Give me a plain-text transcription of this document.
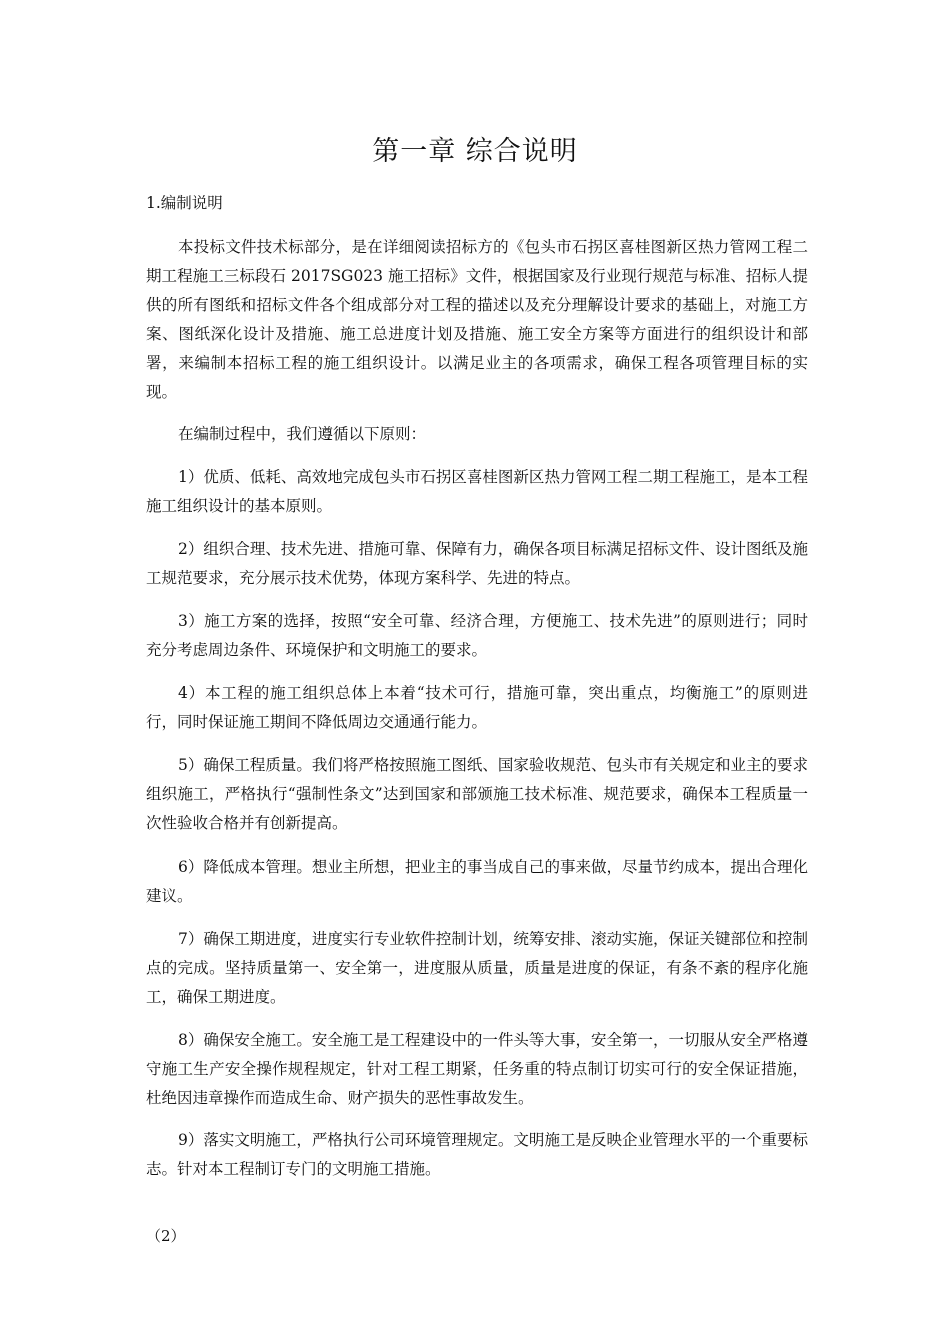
第一章 综合说明
1.编制说明

本投标文件技术标部分，是在详细阅读招标方的《包头市石拐区喜桂图新区热力管网工程二期工程施工三标段石 2017SG023 施工招标》文件，根据国家及行业现行规范与标准、招标人提供的所有图纸和招标文件各个组成部分对工程的描述以及充分理解设计要求的基础上，对施工方案、图纸深化设计及措施、施工总进度计划及措施、施工安全方案等方面进行的组织设计和部署，来编制本招标工程的施工组织设计。以满足业主的各项需求，确保工程各项管理目标的实现。

在编制过程中，我们遵循以下原则：

1）优质、低耗、高效地完成包头市石拐区喜桂图新区热力管网工程二期工程施工，是本工程施工组织设计的基本原则。

2）组织合理、技术先进、措施可靠、保障有力，确保各项目标满足招标文件、设计图纸及施工规范要求，充分展示技术优势，体现方案科学、先进的特点。

3）施工方案的选择，按照“安全可靠、经济合理，方便施工、技术先进”的原则进行；同时充分考虑周边条件、环境保护和文明施工的要求。

4）本工程的施工组织总体上本着“技术可行，措施可靠，突出重点，均衡施工”的原则进行，同时保证施工期间不降低周边交通通行能力。

5）确保工程质量。我们将严格按照施工图纸、国家验收规范、包头市有关规定和业主的要求组织施工，严格执行“强制性条文”达到国家和部颁施工技术标准、规范要求，确保本工程质量一次性验收合格并有创新提高。

6）降低成本管理。想业主所想，把业主的事当成自己的事来做，尽量节约成本，提出合理化建议。

7）确保工期进度，进度实行专业软件控制计划，统筹安排、滚动实施，保证关键部位和控制点的完成。坚持质量第一、安全第一，进度服从质量，质量是进度的保证，有条不紊的程序化施工，确保工期进度。

8）确保安全施工。安全施工是工程建设中的一件头等大事，安全第一，一切服从安全严格遵守施工生产安全操作规程规定，针对工程工期紧，任务重的特点制订切实可行的安全保证措施，杜绝因违章操作而造成生命、财产损失的恶性事故发生。

9）落实文明施工，严格执行公司环境管理规定。文明施工是反映企业管理水平的一个重要标志。针对本工程制订专门的文明施工措施。

（2）
